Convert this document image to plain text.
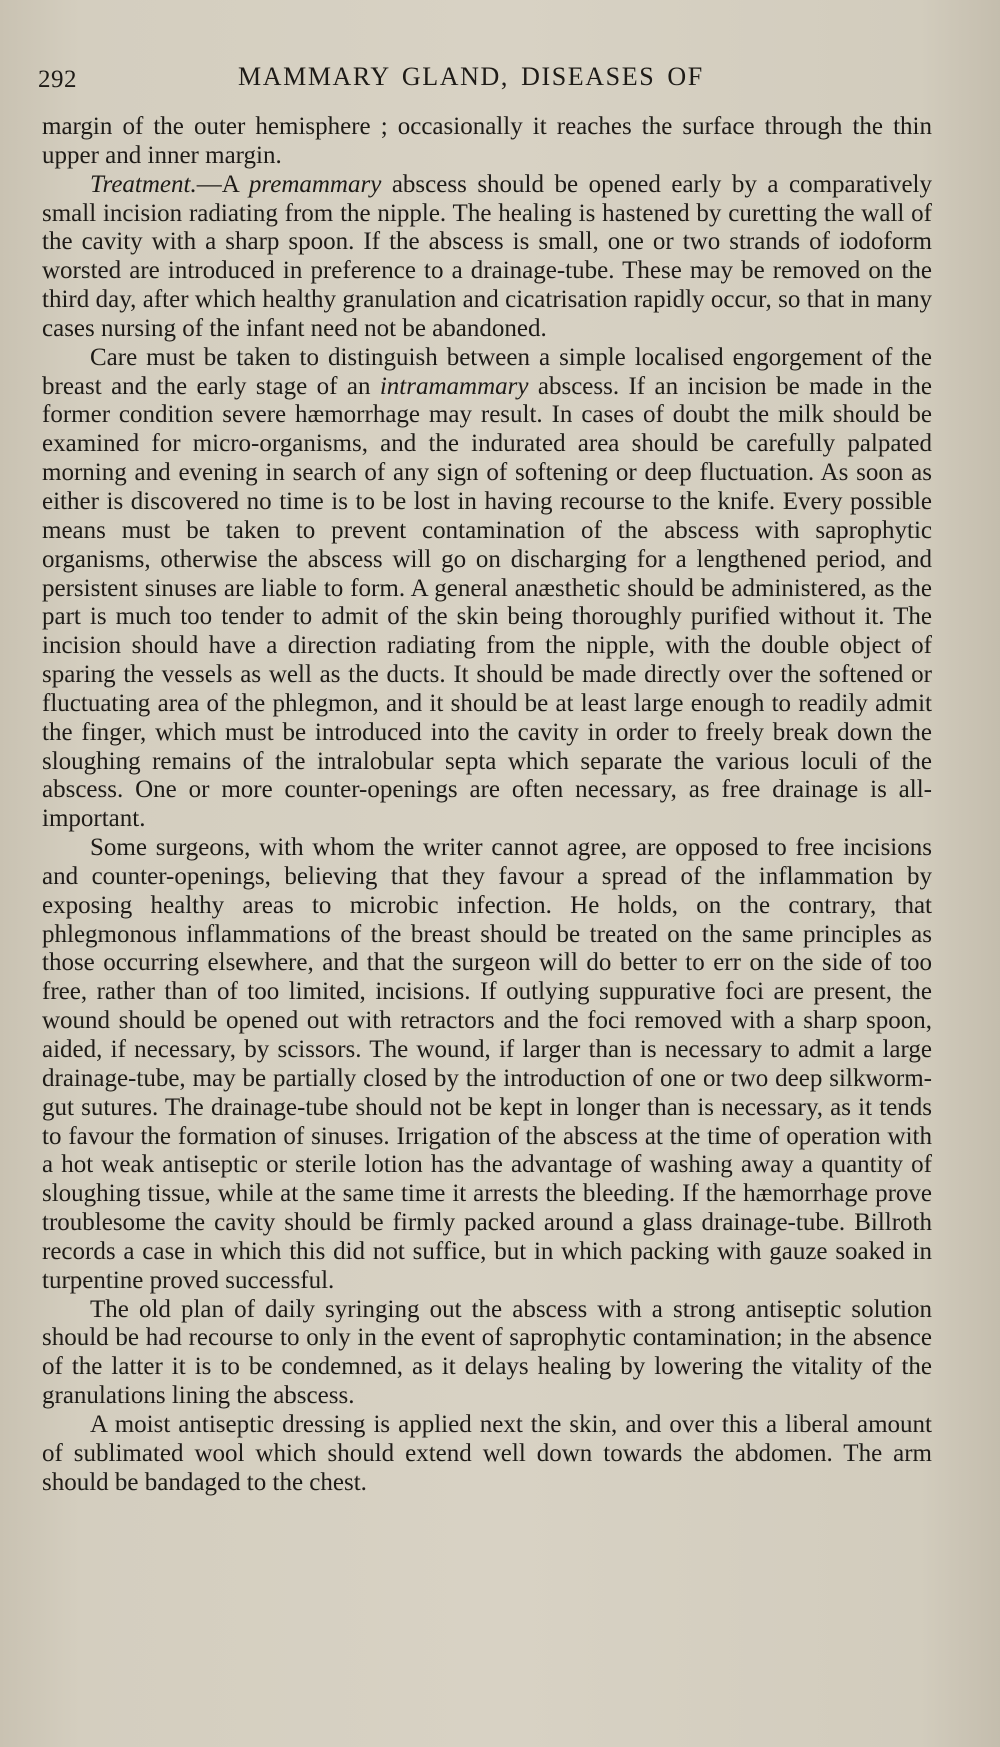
292	MAMMARY GLAND, DISEASES OF

margin of the outer hemisphere ; occasionally it reaches the surface through the thin upper and inner margin.

Treatment.—A premammary abscess should be opened early by a comparatively small incision radiating from the nipple. The healing is hastened by curetting the wall of the cavity with a sharp spoon. If the abscess is small, one or two strands of iodoform worsted are introduced in preference to a drainage-tube. These may be removed on the third day, after which healthy granulation and cicatrisation rapidly occur, so that in many cases nursing of the infant need not be abandoned.

Care must be taken to distinguish between a simple localised engorgement of the breast and the early stage of an intramammary abscess. If an incision be made in the former condition severe hæmorrhage may result. In cases of doubt the milk should be examined for micro-organisms, and the indurated area should be carefully palpated morning and evening in search of any sign of softening or deep fluctuation. As soon as either is discovered no time is to be lost in having recourse to the knife. Every possible means must be taken to prevent contamination of the abscess with saprophytic organisms, otherwise the abscess will go on discharging for a lengthened period, and persistent sinuses are liable to form. A general anæsthetic should be administered, as the part is much too tender to admit of the skin being thoroughly purified without it. The incision should have a direction radiating from the nipple, with the double object of sparing the vessels as well as the ducts. It should be made directly over the softened or fluctuating area of the phlegmon, and it should be at least large enough to readily admit the finger, which must be introduced into the cavity in order to freely break down the sloughing remains of the intralobular septa which separate the various loculi of the abscess. One or more counter-openings are often necessary, as free drainage is all-important.

Some surgeons, with whom the writer cannot agree, are opposed to free incisions and counter-openings, believing that they favour a spread of the inflammation by exposing healthy areas to microbic infection. He holds, on the contrary, that phlegmonous inflammations of the breast should be treated on the same principles as those occurring elsewhere, and that the surgeon will do better to err on the side of too free, rather than of too limited, incisions. If outlying suppurative foci are present, the wound should be opened out with retractors and the foci removed with a sharp spoon, aided, if necessary, by scissors. The wound, if larger than is necessary to admit a large drainage-tube, may be partially closed by the introduction of one or two deep silkworm-gut sutures. The drainage-tube should not be kept in longer than is necessary, as it tends to favour the formation of sinuses. Irrigation of the abscess at the time of operation with a hot weak antiseptic or sterile lotion has the advantage of washing away a quantity of sloughing tissue, while at the same time it arrests the bleeding. If the hæmorrhage prove troublesome the cavity should be firmly packed around a glass drainage-tube. Billroth records a case in which this did not suffice, but in which packing with gauze soaked in turpentine proved successful.

The old plan of daily syringing out the abscess with a strong antiseptic solution should be had recourse to only in the event of saprophytic contamination; in the absence of the latter it is to be condemned, as it delays healing by lowering the vitality of the granulations lining the abscess.

A moist antiseptic dressing is applied next the skin, and over this a liberal amount of sublimated wool which should extend well down towards the abdomen. The arm should be bandaged to the chest.
